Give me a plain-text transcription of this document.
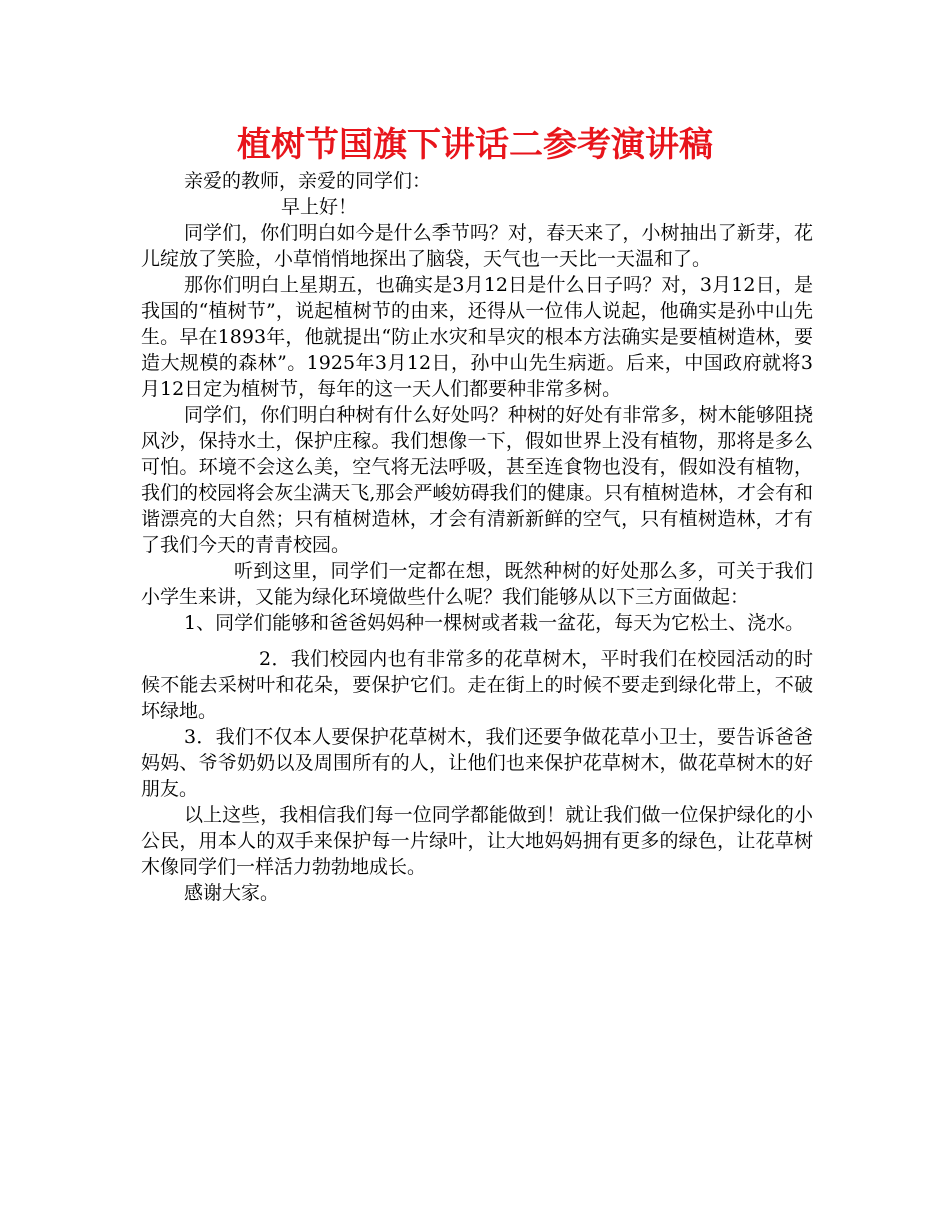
植树节国旗下讲话二参考演讲稿

亲爱的教师，亲爱的同学们：

早上好！

同学们，你们明白如今是什么季节吗？对，春天来了，小树抽出了新芽，花儿绽放了笑脸，小草悄悄地探出了脑袋，天气也一天比一天温和了。

那你们明白上星期五，也确实是3月12日是什么日子吗？对，3月12日，是我国的“植树节”，说起植树节的由来，还得从一位伟人说起，他确实是孙中山先生。早在1893年，他就提出“防止水灾和旱灾的根本方法确实是要植树造林，要造大规模的森林”。1925年3月12日，孙中山先生病逝。后来，中国政府就将3月12日定为植树节，每年的这一天人们都要种非常多树。

同学们，你们明白种树有什么好处吗？种树的好处有非常多，树木能够阻挠风沙，保持水土，保护庄稼。我们想像一下，假如世界上没有植物，那将是多么可怕。环境不会这么美，空气将无法呼吸，甚至连食物也没有，假如没有植物，我们的校园将会灰尘满天飞,那会严峻妨碍我们的健康。只有植树造林，才会有和谐漂亮的大自然；只有植树造林，才会有清新新鲜的空气，只有植树造林，才有了我们今天的青青校园。

听到这里，同学们一定都在想，既然种树的好处那么多，可关于我们小学生来讲，又能为绿化环境做些什么呢？我们能够从以下三方面做起：

1、同学们能够和爸爸妈妈种一棵树或者栽一盆花，每天为它松土、浇水。

2．我们校园内也有非常多的花草树木，平时我们在校园活动的时候不能去采树叶和花朵，要保护它们。走在街上的时候不要走到绿化带上，不破坏绿地。

3．我们不仅本人要保护花草树木，我们还要争做花草小卫士，要告诉爸爸妈妈、爷爷奶奶以及周围所有的人，让他们也来保护花草树木，做花草树木的好朋友。

以上这些，我相信我们每一位同学都能做到！就让我们做一位保护绿化的小公民，用本人的双手来保护每一片绿叶，让大地妈妈拥有更多的绿色，让花草树木像同学们一样活力勃勃地成长。

感谢大家。
